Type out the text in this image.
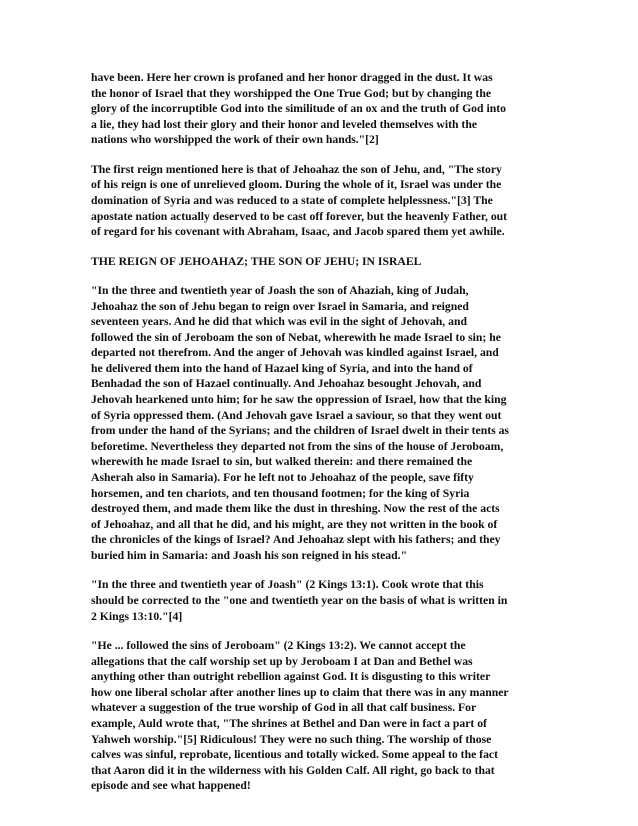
have been. Here her crown is profaned and her honor dragged in the dust. It was
the honor of Israel that they worshipped the One True God; but by changing the
glory of the incorruptible God into the similitude of an ox and the truth of God into
a lie, they had lost their glory and their honor and leveled themselves with the
nations who worshipped the work of their own hands."[2]

The first reign mentioned here is that of Jehoahaz the son of Jehu, and, "The story
of his reign is one of unrelieved gloom. During the whole of it, Israel was under the
domination of Syria and was reduced to a state of complete helplessness."[3] The
apostate nation actually deserved to be cast off forever, but the heavenly Father, out
of regard for his covenant with Abraham, Isaac, and Jacob spared them yet awhile.

THE REIGN OF JEHOAHAZ; THE SON OF JEHU; IN ISRAEL

"In the three and twentieth year of Joash the son of Ahaziah, king of Judah,
Jehoahaz the son of Jehu began to reign over Israel in Samaria, and reigned
seventeen years. And he did that which was evil in the sight of Jehovah, and
followed the sin of Jeroboam the son of Nebat, wherewith he made Israel to sin; he
departed not therefrom. And the anger of Jehovah was kindled against Israel, and
he delivered them into the hand of Hazael king of Syria, and into the hand of
Benhadad the son of Hazael continually. And Jehoahaz besought Jehovah, and
Jehovah hearkened unto him; for he saw the oppression of Israel, how that the king
of Syria oppressed them. (And Jehovah gave Israel a saviour, so that they went out
from under the hand of the Syrians; and the children of Israel dwelt in their tents as
beforetime. Nevertheless they departed not from the sins of the house of Jeroboam,
wherewith he made Israel to sin, but walked therein: and there remained the
Asherah also in Samaria). For he left not to Jehoahaz of the people, save fifty
horsemen, and ten chariots, and ten thousand footmen; for the king of Syria
destroyed them, and made them like the dust in threshing. Now the rest of the acts
of Jehoahaz, and all that he did, and his might, are they not written in the book of
the chronicles of the kings of Israel? And Jehoahaz slept with his fathers; and they
buried him in Samaria: and Joash his son reigned in his stead."

"In the three and twentieth year of Joash" (2 Kings 13:1). Cook wrote that this
should be corrected to the "one and twentieth year on the basis of what is written in
2 Kings 13:10."[4]

"He ... followed the sins of Jeroboam" (2 Kings 13:2). We cannot accept the
allegations that the calf worship set up by Jeroboam I at Dan and Bethel was
anything other than outright rebellion against God. It is disgusting to this writer
how one liberal scholar after another lines up to claim that there was in any manner
whatever a suggestion of the true worship of God in all that calf business. For
example, Auld wrote that, "The shrines at Bethel and Dan were in fact a part of
Yahweh worship."[5] Ridiculous! They were no such thing. The worship of those
calves was sinful, reprobate, licentious and totally wicked. Some appeal to the fact
that Aaron did it in the wilderness with his Golden Calf. All right, go back to that
episode and see what happened!
